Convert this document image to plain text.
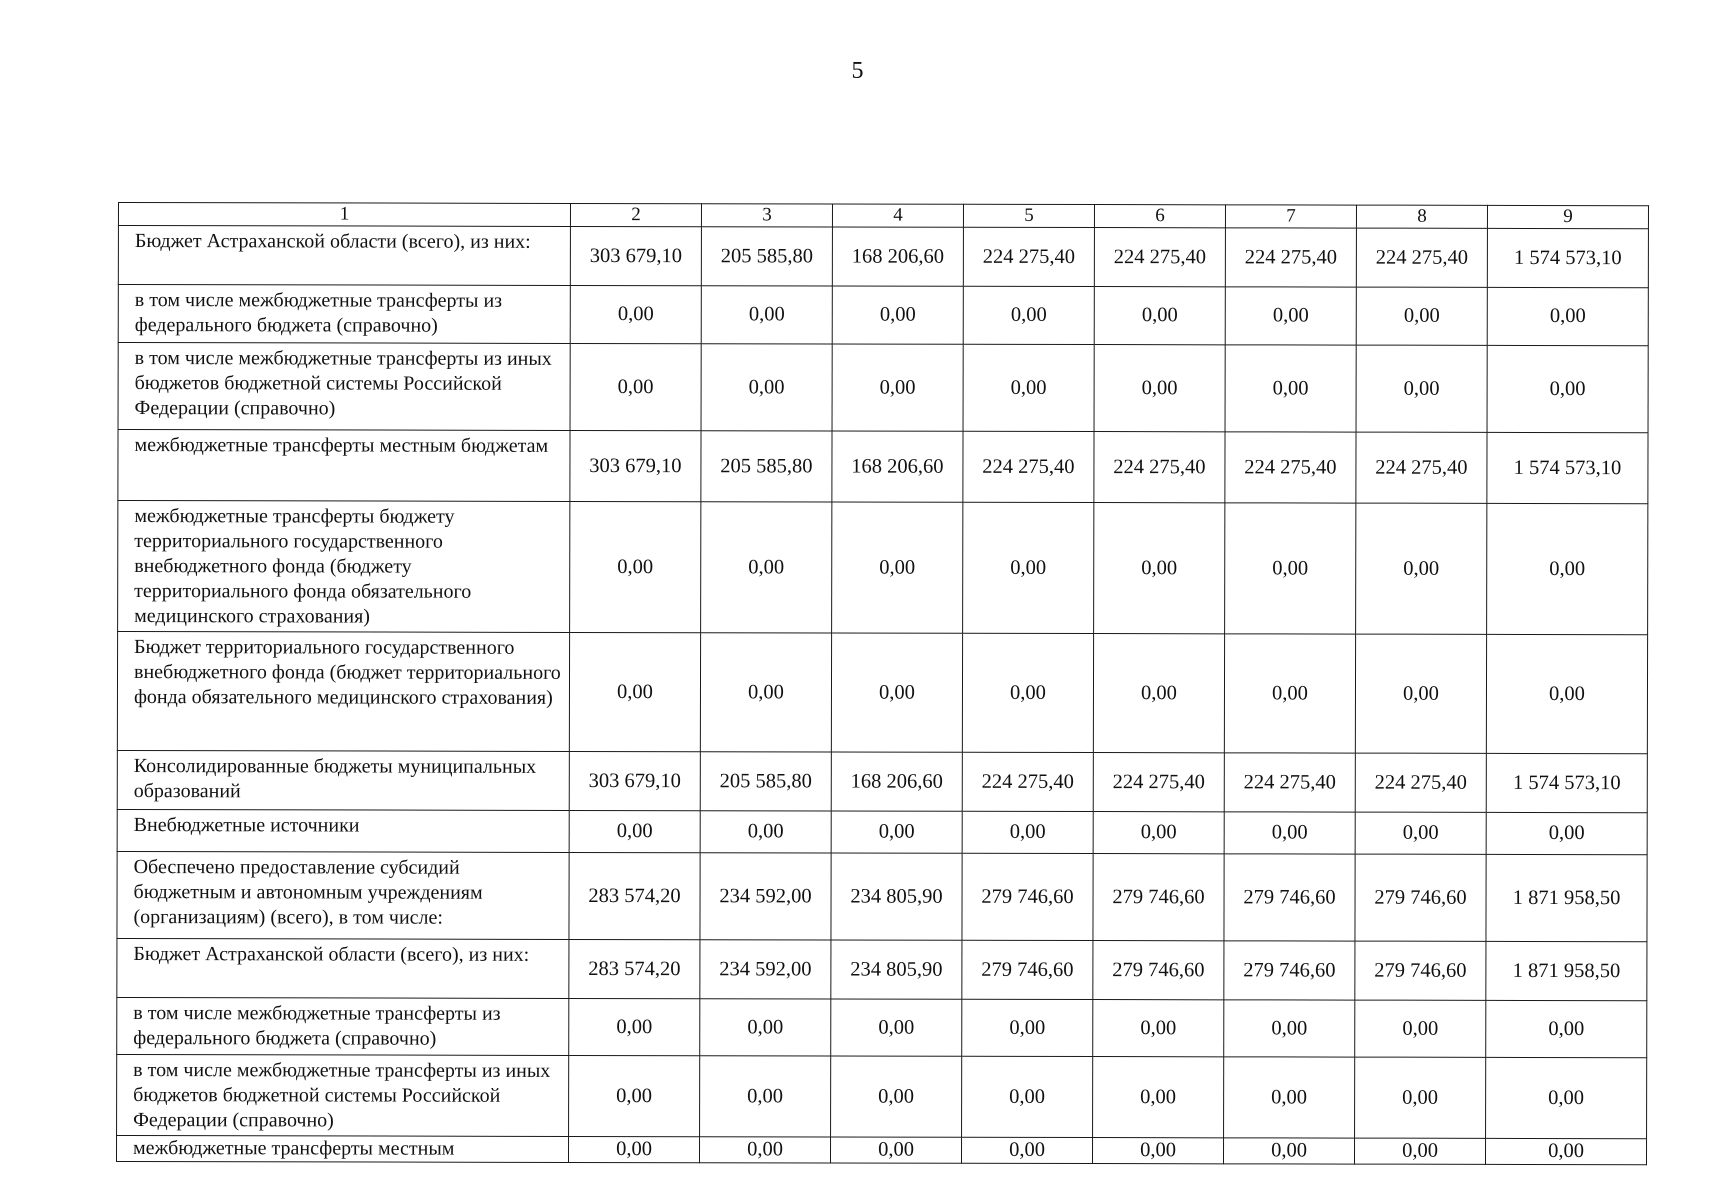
5
1	2	3	4	5	6	7	8	9
Бюджет Астраханской области (всего), из них:	303 679,10	205 585,80	168 206,60	224 275,40	224 275,40	224 275,40	224 275,40	1 574 573,10
в том числе межбюджетные трансферты из федерального бюджета (справочно)	0,00	0,00	0,00	0,00	0,00	0,00	0,00	0,00
в том числе межбюджетные трансферты из иных бюджетов бюджетной системы Российской Федерации (справочно)	0,00	0,00	0,00	0,00	0,00	0,00	0,00	0,00
межбюджетные трансферты местным бюджетам	303 679,10	205 585,80	168 206,60	224 275,40	224 275,40	224 275,40	224 275,40	1 574 573,10
межбюджетные трансферты бюджету территориального государственного внебюджетного фонда (бюджету территориального фонда обязательного медицинского страхования)	0,00	0,00	0,00	0,00	0,00	0,00	0,00	0,00
Бюджет территориального государственного внебюджетного фонда (бюджет территориального фонда обязательного медицинского страхования)	0,00	0,00	0,00	0,00	0,00	0,00	0,00	0,00
Консолидированные бюджеты муниципальных образований	303 679,10	205 585,80	168 206,60	224 275,40	224 275,40	224 275,40	224 275,40	1 574 573,10
Внебюджетные источники	0,00	0,00	0,00	0,00	0,00	0,00	0,00	0,00
Обеспечено предоставление субсидий бюджетным и автономным учреждениям (организациям) (всего), в том числе:	283 574,20	234 592,00	234 805,90	279 746,60	279 746,60	279 746,60	279 746,60	1 871 958,50
Бюджет Астраханской области (всего), из них:	283 574,20	234 592,00	234 805,90	279 746,60	279 746,60	279 746,60	279 746,60	1 871 958,50
в том числе межбюджетные трансферты из федерального бюджета (справочно)	0,00	0,00	0,00	0,00	0,00	0,00	0,00	0,00
в том числе межбюджетные трансферты из иных бюджетов бюджетной системы Российской Федерации (справочно)	0,00	0,00	0,00	0,00	0,00	0,00	0,00	0,00
межбюджетные трансферты местным	0,00	0,00	0,00	0,00	0,00	0,00	0,00	0,00
